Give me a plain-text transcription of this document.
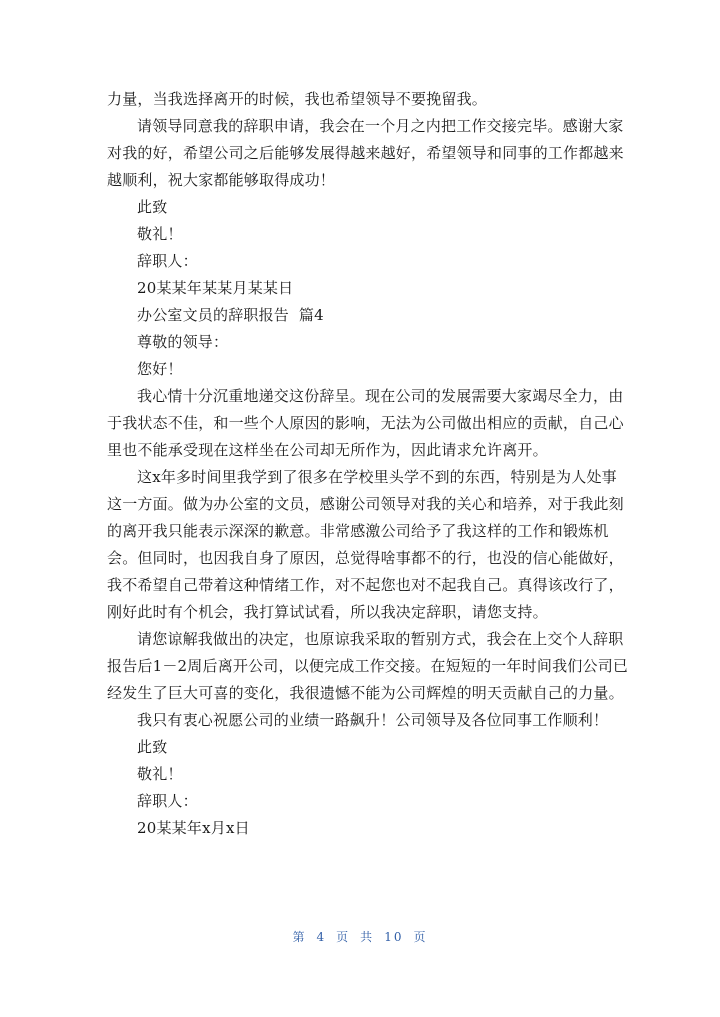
力量，当我选择离开的时候，我也希望领导不要挽留我。
请领导同意我的辞职申请，我会在一个月之内把工作交接完毕。感谢大家
对我的好，希望公司之后能够发展得越来越好，希望领导和同事的工作都越来
越顺利，祝大家都能够取得成功！
此致
敬礼！
辞职人：
20某某年某某月某某日
办公室文员的辞职报告  篇4
尊敬的领导：
您好！
我心情十分沉重地递交这份辞呈。现在公司的发展需要大家竭尽全力，由
于我状态不佳，和一些个人原因的影响，无法为公司做出相应的贡献，自己心
里也不能承受现在这样坐在公司却无所作为，因此请求允许离开。
这x年多时间里我学到了很多在学校里头学不到的东西，特别是为人处事
这一方面。做为办公室的文员，感谢公司领导对我的关心和培养，对于我此刻
的离开我只能表示深深的歉意。非常感激公司给予了我这样的工作和锻炼机
会。但同时，也因我自身了原因，总觉得啥事都不的行，也没的信心能做好，
我不希望自己带着这种情绪工作，对不起您也对不起我自己。真得该改行了，
刚好此时有个机会，我打算试试看，所以我决定辞职，请您支持。
请您谅解我做出的决定，也原谅我采取的暂别方式，我会在上交个人辞职
报告后1－2周后离开公司，以便完成工作交接。在短短的一年时间我们公司已
经发生了巨大可喜的变化，我很遗憾不能为公司辉煌的明天贡献自己的力量。
我只有衷心祝愿公司的业绩一路飙升！公司领导及各位同事工作顺利！
此致
敬礼！
辞职人：
20某某年x月x日
第 4 页 共 10 页
